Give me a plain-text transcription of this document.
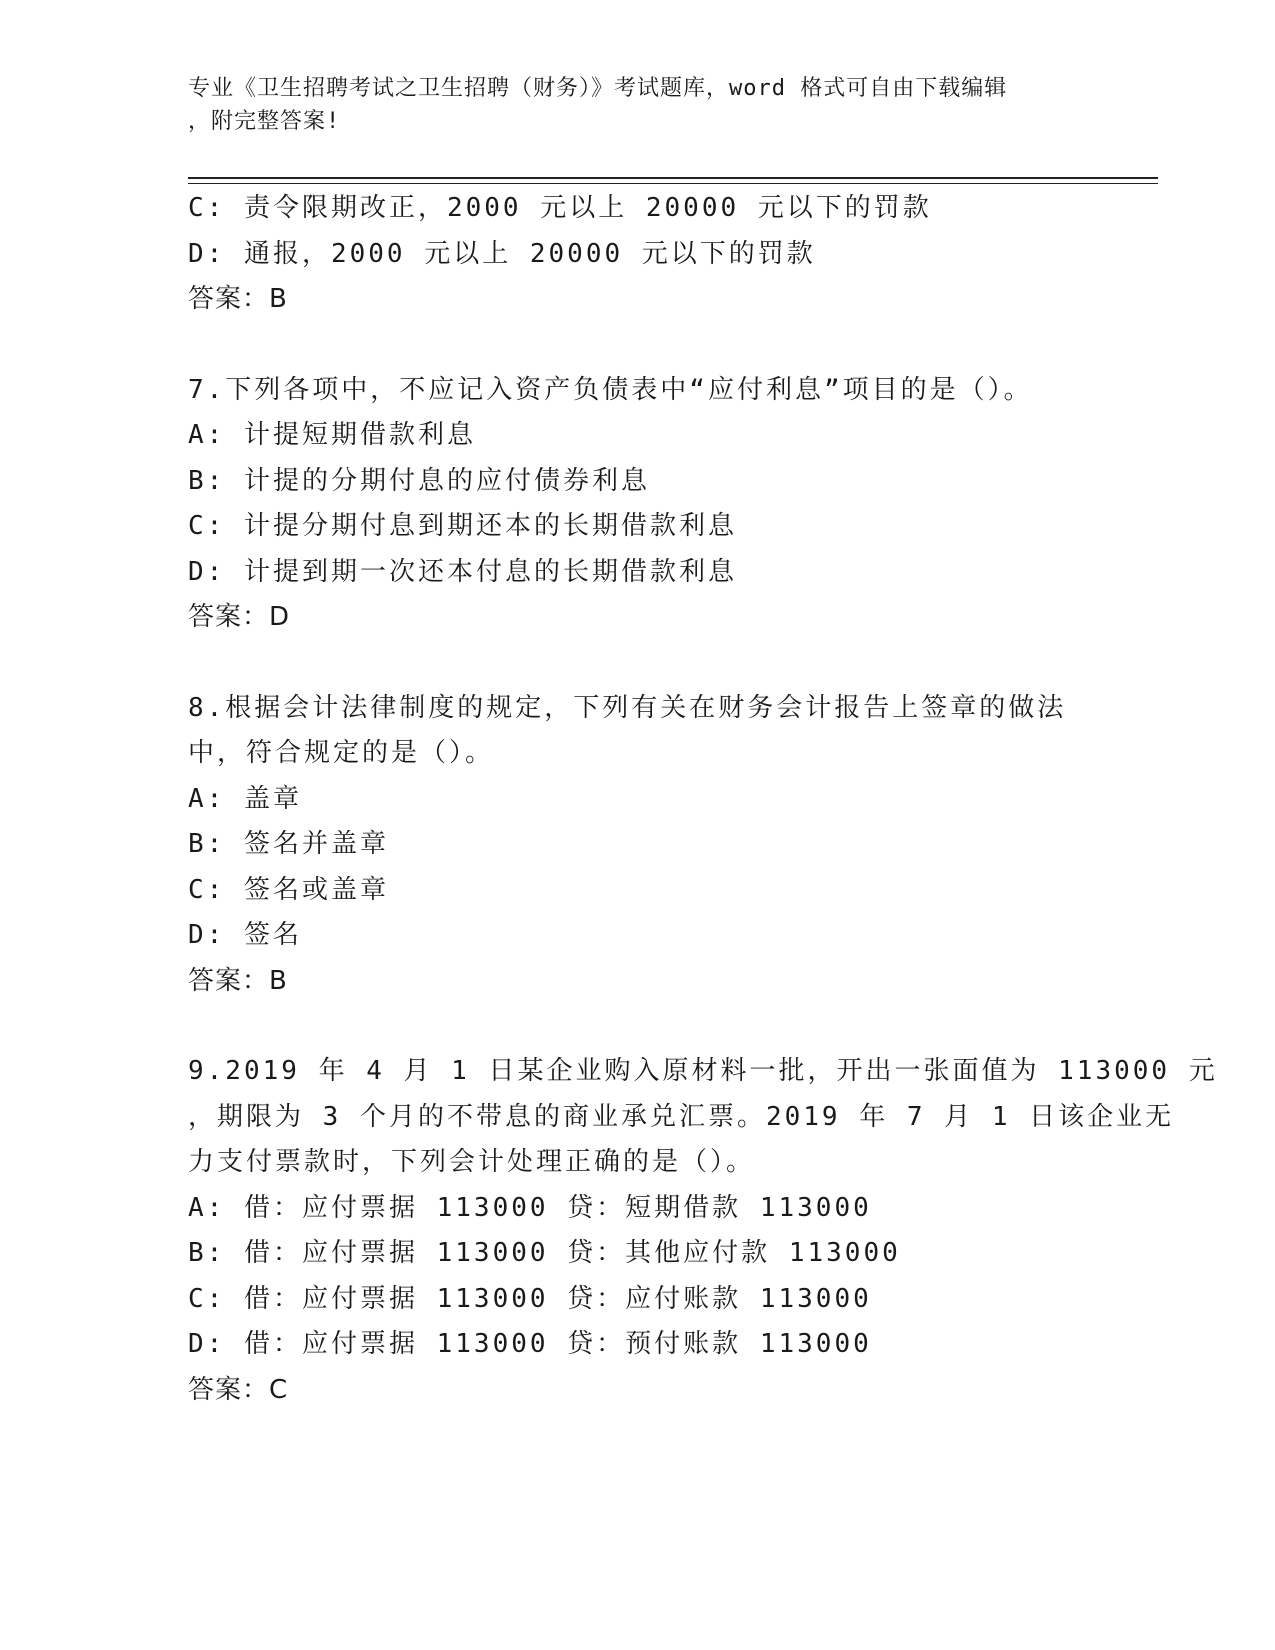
专业《卫生招聘考试之卫生招聘（财务）》考试题库，word 格式可自由下载编辑
，附完整答案!
C: 责令限期改正，2000 元以上 20000 元以下的罚款
D: 通报，2000 元以上 20000 元以下的罚款
答案：B
7.下列各项中，不应记入资产负债表中“应付利息”项目的是（）。
A: 计提短期借款利息
B: 计提的分期付息的应付债券利息
C: 计提分期付息到期还本的长期借款利息
D: 计提到期一次还本付息的长期借款利息
答案：D
8.根据会计法律制度的规定，下列有关在财务会计报告上签章的做法
中，符合规定的是（）。
A: 盖章
B: 签名并盖章
C: 签名或盖章
D: 签名
答案：B
9.2019 年 4 月 1 日某企业购入原材料一批，开出一张面值为 113000 元
，期限为 3 个月的不带息的商业承兑汇票。2019 年 7 月 1 日该企业无
力支付票款时，下列会计处理正确的是（）。
A: 借：应付票据 113000 贷：短期借款 113000
B: 借：应付票据 113000 贷：其他应付款 113000
C: 借：应付票据 113000 贷：应付账款 113000
D: 借：应付票据 113000 贷：预付账款 113000
答案：C
